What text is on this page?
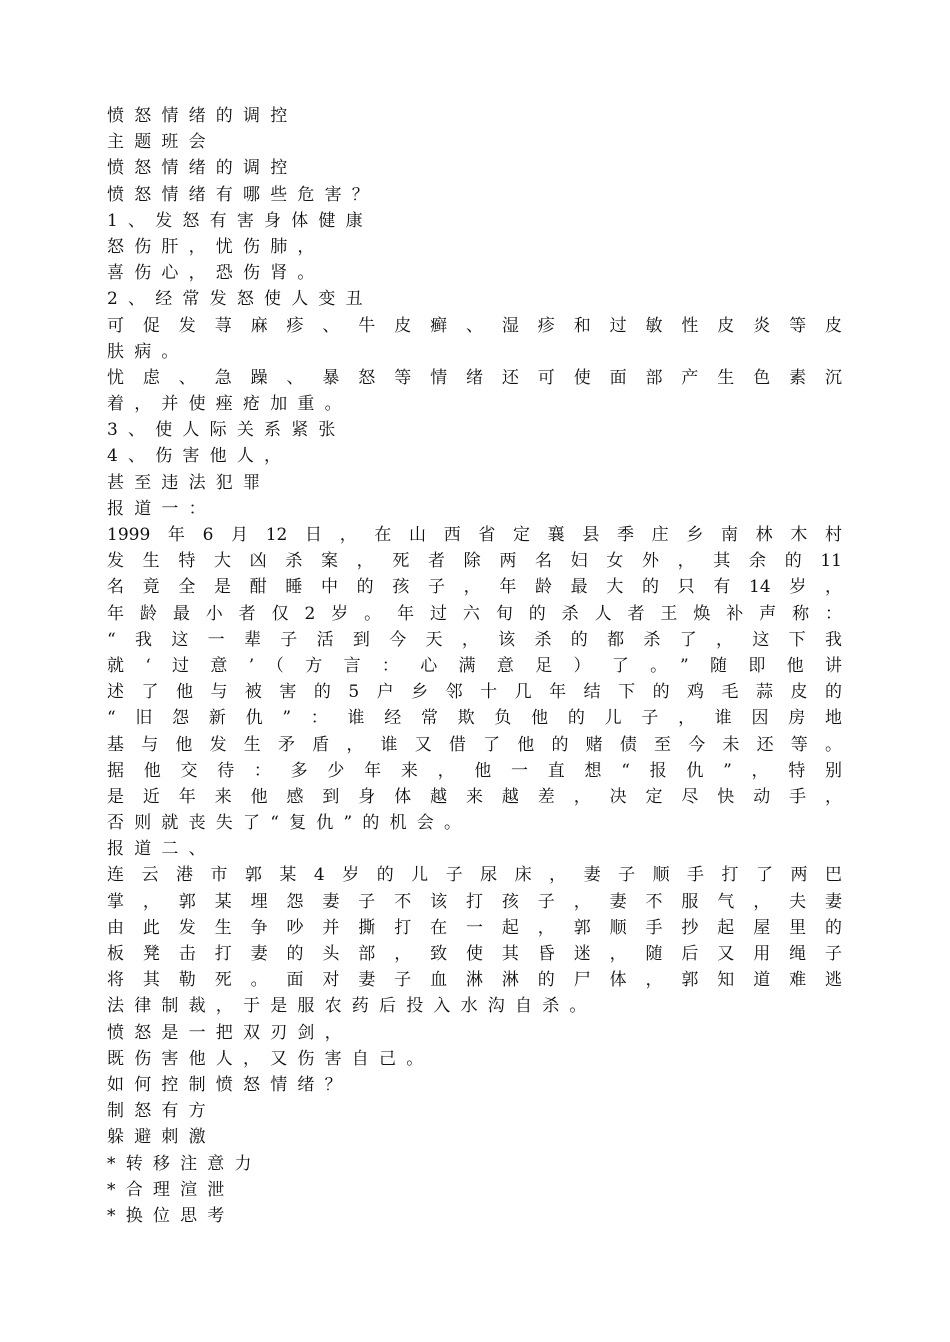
愤怒情绪的调控
主题班会
愤怒情绪的调控
愤怒情绪有哪些危害？
1、发怒有害身体健康
怒伤肝，忧伤肺，
喜伤心，恐伤肾。
2、经常发怒使人变丑
可促发荨麻疹、牛皮癣、湿疹和过敏性皮炎等皮
肤病。
忧虑、急躁、暴怒等情绪还可使面部产生色素沉
着，并使痤疮加重。
3、使人际关系紧张
4、伤害他人，
甚至违法犯罪
报道一：
1999年6月12日，在山西省定襄县季庄乡南林木村
发生特大凶杀案，死者除两名妇女外，其余的11
名竟全是酣睡中的孩子，年龄最大的只有14岁，
年龄最小者仅2岁。年过六旬的杀人者王焕补声称：
“我这一辈子活到今天，该杀的都杀了，这下我
就‘过意’（方言：心满意足）了。”随即他讲
述了他与被害的5户乡邻十几年结下的鸡毛蒜皮的
“旧怨新仇”：谁经常欺负他的儿子，谁因房地
基与他发生矛盾，谁又借了他的赌债至今未还等。
据他交待：多少年来，他一直想“报仇”，特别
是近年来他感到身体越来越差，决定尽快动手，
否则就丧失了“复仇”的机会。
报道二、
连云港市郭某4岁的儿子尿床，妻子顺手打了两巴
掌，郭某埋怨妻子不该打孩子，妻不服气，夫妻
由此发生争吵并撕打在一起，郭顺手抄起屋里的
板凳击打妻的头部，致使其昏迷，随后又用绳子
将其勒死。面对妻子血淋淋的尸体，郭知道难逃
法律制裁，于是服农药后投入水沟自杀。
愤怒是一把双刃剑，
既伤害他人，又伤害自己。
如何控制愤怒情绪？
制怒有方
躲避刺激
*转移注意力
*合理渲泄
*换位思考
